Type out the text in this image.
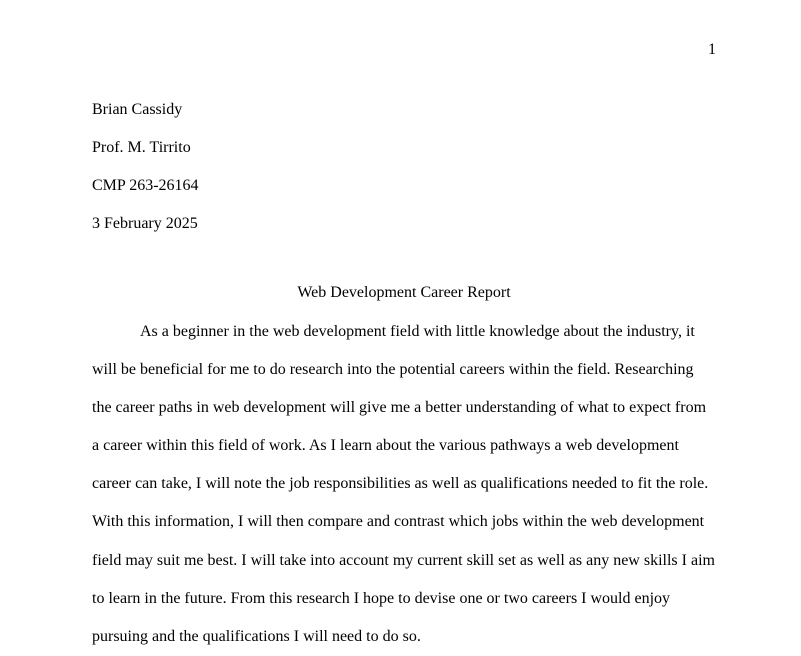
1
Brian Cassidy
Prof. M. Tirrito
CMP 263-26164
3 February 2025
Web Development Career Report
As a beginner in the web development field with little knowledge about the industry, it
will be beneficial for me to do research into the potential careers within the field. Researching
the career paths in web development will give me a better understanding of what to expect from
a career within this field of work. As I learn about the various pathways a web development
career can take, I will note the job responsibilities as well as qualifications needed to fit the role.
With this information, I will then compare and contrast which jobs within the web development
field may suit me best. I will take into account my current skill set as well as any new skills I aim
to learn in the future. From this research I hope to devise one or two careers I would enjoy
pursuing and the qualifications I will need to do so.
